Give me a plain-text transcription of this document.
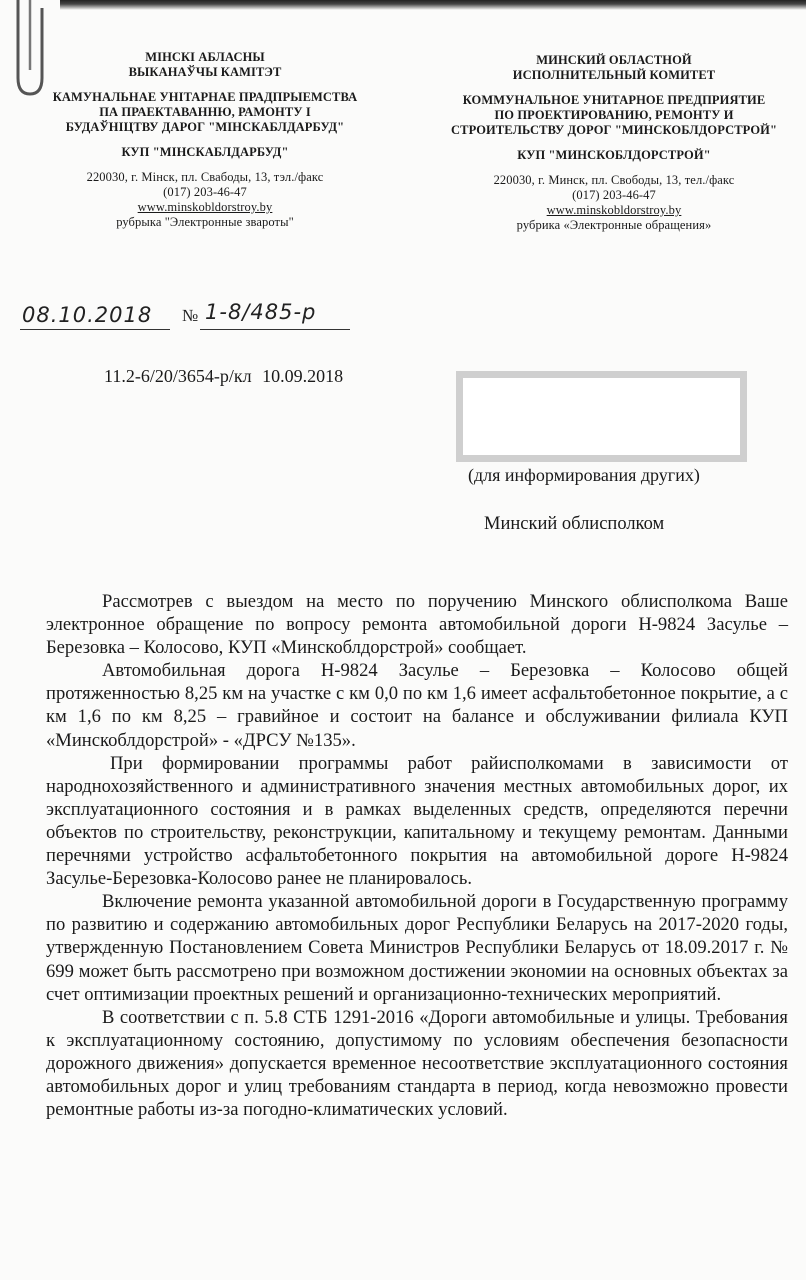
МІНСКІ АБЛАСНЫ
ВЫКАНАЎЧЫ КАМІТЭТ
КАМУНАЛЬНАЕ УНІТАРНАЕ ПРАДПРЫЕМСТВА
ПА ПРАЕКТАВАННЮ, РАМОНТУ І
БУДАЎНІЦТВУ ДАРОГ "МІНСКАБЛДАРБУД"
КУП "МІНСКАБЛДАРБУД"
220030, г. Мінск, пл. Свабоды, 13, тэл./факс
(017) 203-46-47
www.minskobldorstroy.by
рубрыка "Электронные звароты"
МИНСКИЙ ОБЛАСТНОЙ
ИСПОЛНИТЕЛЬНЫЙ КОМИТЕТ
КОММУНАЛЬНОЕ УНИТАРНОЕ ПРЕДПРИЯТИЕ
ПО ПРОЕКТИРОВАНИЮ, РЕМОНТУ И
СТРОИТЕЛЬСТВУ ДОРОГ "МИНСКОБЛДОРСТРОЙ"
КУП "МИНСКОБЛДОРСТРОЙ"
220030, г. Минск, пл. Свободы, 13, тел./факс
(017) 203-46-47
www.minskobldorstroy.by
рубрика «Электронные обращения»
08.10.2018 № 1-8/485-р
11.2-6/20/3654-р/кл 10.09.2018
(для информирования других)
Минский облисполком

Рассмотрев с выездом на место по поручению Минского облисполкома Ваше электронное обращение по вопросу ремонта автомобильной дороги Н-9824 Засулье – Березовка – Колосово, КУП «Минскоблдорстрой» сообщает.

Автомобильная дорога Н-9824 Засулье – Березовка – Колосово общей протяженностью 8,25 км на участке с км 0,0 по км 1,6 имеет асфальтобетонное покрытие, а с км 1,6 по км 8,25 – гравийное и состоит на балансе и обслуживании филиала КУП «Минскоблдорстрой» - «ДРСУ №135».

При формировании программы работ райисполкомами в зависимости от народнохозяйственного и административного значения местных автомобильных дорог, их эксплуатационного состояния и в рамках выделенных средств, определяются перечни объектов по строительству, реконструкции, капитальному и текущему ремонтам. Данными перечнями устройство асфальтобетонного покрытия на автомобильной дороге Н-9824 Засулье-Березовка-Колосово ранее не планировалось.

Включение ремонта указанной автомобильной дороги в Государственную программу по развитию и содержанию автомобильных дорог Республики Беларусь на 2017-2020 годы, утвержденную Постановлением Совета Министров Республики Беларусь от 18.09.2017 г. № 699 может быть рассмотрено при возможном достижении экономии на основных объектах за счет оптимизации проектных решений и организационно-технических мероприятий.

В соответствии с п. 5.8 СТБ 1291-2016 «Дороги автомобильные и улицы. Требования к эксплуатационному состоянию, допустимому по условиям обеспечения безопасности дорожного движения» допускается временное несоответствие эксплуатационного состояния автомобильных дорог и улиц требованиям стандарта в период, когда невозможно провести ремонтные работы из-за погодно-климатических условий.
